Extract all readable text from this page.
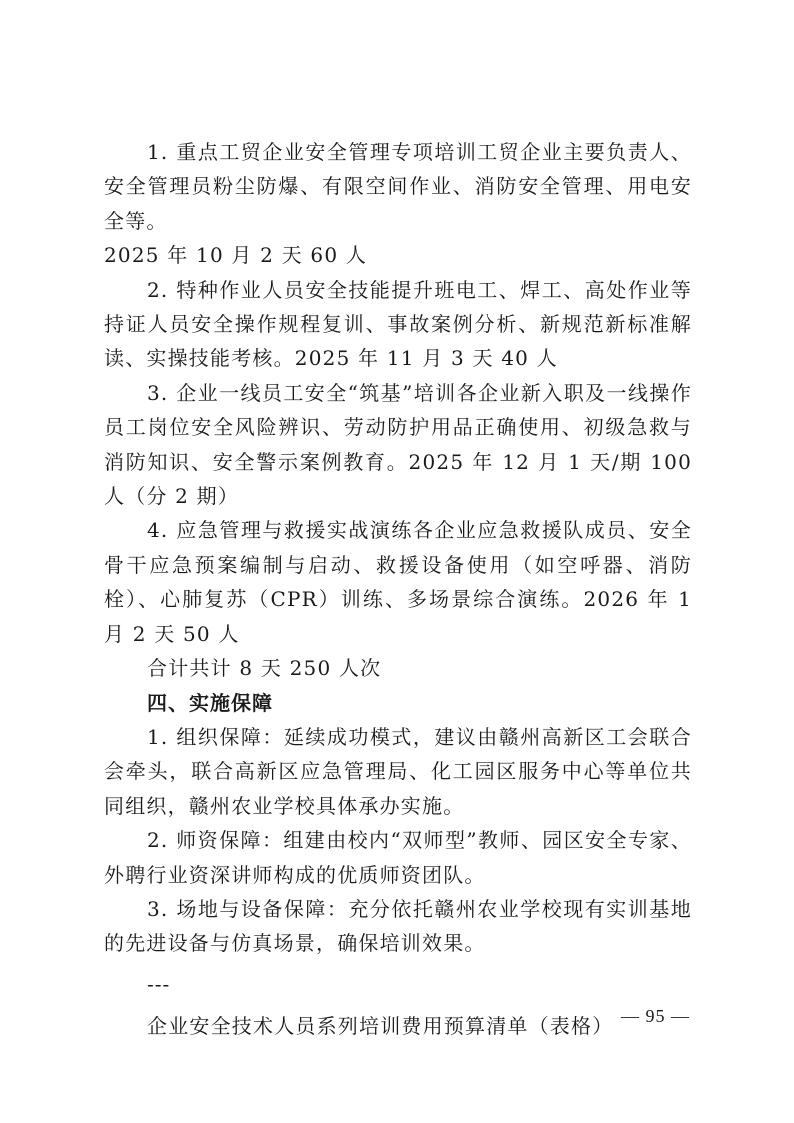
1. 重点工贸企业安全管理专项培训工贸企业主要负责人、安全管理员粉尘防爆、有限空间作业、消防安全管理、用电安全等。

2025 年 10 月 2 天 60 人

2. 特种作业人员安全技能提升班电工、焊工、高处作业等持证人员安全操作规程复训、事故案例分析、新规范新标准解读、实操技能考核。2025 年 11 月 3 天 40 人

3. 企业一线员工安全“筑基”培训各企业新入职及一线操作员工岗位安全风险辨识、劳动防护用品正确使用、初级急救与消防知识、安全警示案例教育。2025 年 12 月 1 天/期 100 人（分 2 期）

4. 应急管理与救援实战演练各企业应急救援队成员、安全骨干应急预案编制与启动、救援设备使用（如空呼器、消防栓）、心肺复苏（CPR）训练、多场景综合演练。2026 年 1 月 2 天 50 人

合计共计 8 天 250 人次

四、实施保障

1. 组织保障：延续成功模式，建议由赣州高新区工会联合会牵头，联合高新区应急管理局、化工园区服务中心等单位共同组织，赣州农业学校具体承办实施。

2. 师资保障：组建由校内“双师型”教师、园区安全专家、外聘行业资深讲师构成的优质师资团队。

3. 场地与设备保障：充分依托赣州农业学校现有实训基地的先进设备与仿真场景，确保培训效果。

---

企业安全技术人员系列培训费用预算清单（表格） — 95 —
